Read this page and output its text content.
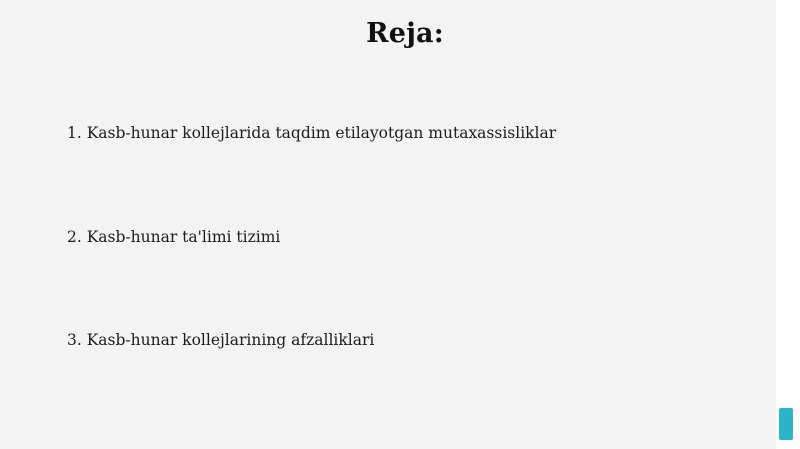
Reja:
1. Kasb-hunar kollejlarida taqdim etilayotgan mutaxassisliklar
2. Kasb-hunar ta'limi tizimi
3. Kasb-hunar kollejlarining afzalliklari
